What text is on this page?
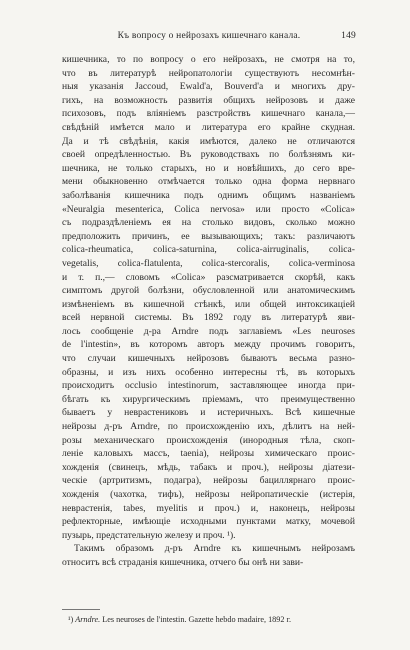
Къ вопросу о нейрозахъ кишечнаго канала.	149

кишечника, то по вопросу о его нейрозахъ, не смотря на то,

что въ литературѣ нейропатологіи существуютъ несомнѣн-

ныя указанія Jaccoud, Ewald'а, Bouverd'а и многихъ дру-

гихъ, на возможность развитія общихъ нейрозовъ и даже

психозовъ, подъ вліяніемъ разстройствъ кишечнаго канала,—

свѣдѣній имѣется мало и литература его крайне скудная.

Да и тѣ свѣдѣнія, какія имѣются, далеко не отличаются

своей опредѣленностью. Въ руководствахъ по болѣзнямъ ки-

шечника, не только старыхъ, но и новѣйшихъ, до сего вре-

мени обыкновенно отмѣчается только одна форма нервнаго

заболѣванія кишечника подъ однимъ общимъ названіемъ

«Neuralgia mesenterica, Colica nervosa» или просто «Colica»

съ подраздѣленіемъ ея на столько видовъ, сколько можно

предположить причинъ, ее вызывающихъ; такъ: различаютъ

colica-rheumatica, colica-saturnina, colica-airruginalis, colica-

vegetalis, colica-flatulenta, colica-stercoralis, colica-verminosa

и т. п.,— словомъ «Colica» разсматривается скорѣй, какъ

симптомъ другой болѣзни, обусловленной или анатомическимъ

измѣненіемъ въ кишечной стѣнкѣ, или общей интоксикаціей

всей нервной системы. Въ 1892 году въ литературѣ яви-

лось сообщеніе д-ра Arndre подъ заглавіемъ «Les neuroses

de l'intestin», въ которомъ авторъ между прочимъ говоритъ,

что случаи кишечныхъ нейрозовъ бываютъ весьма разно-

образны, и изъ нихъ особенно интересны тѣ, въ которыхъ

происходитъ occlusio intestinorum, заставляющее иногда при-

бѣгать къ хирургическимъ пріемамъ, что преимущественно

бываетъ у неврастениковъ и истеричныхъ. Всѣ кишечные

нейрозы д-ръ Arndre, по происхожденію ихъ, дѣлитъ на ней-

розы механическаго происхожденія (инородныя тѣла, скоп-

леніе каловыхъ массъ, taenia), нейрозы химическаго проис-

хожденія (свинецъ, мѣдь, табакъ и проч.), нейрозы діатези-

ческіе (артритизмъ, подагра), нейрозы бациллярнаго проис-

хожденія (чахотка, тифъ), нейрозы нейропатическіе (истерія,

неврастенія, tabes, myelitis и проч.) и, наконецъ, нейрозы

рефлекторные, имѣющіе исходными пунктами матку, мочевой

пузырь, предстательную железу и проч. ¹).

Такимъ образомъ д-ръ Arndre къ кишечнымъ нейрозамъ

относитъ всѣ страданія кишечника, отчего бы онѣ ни зави-

¹) Arndre. Les neuroses de l'intestin. Gazette hebdo madaire, 1892 г.
